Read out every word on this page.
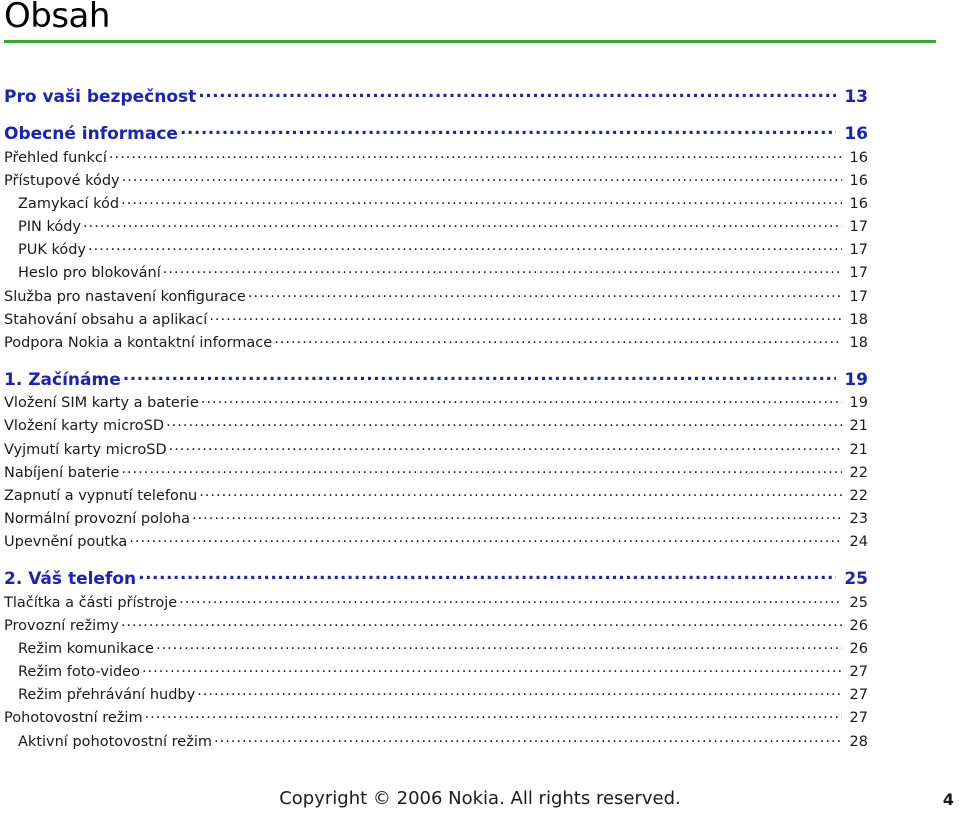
Obsah
Pro vaši bezpečnost .....	13
Obecné informace .....	16
Přehled funkcí .....	16
Přístupové kódy .....	16
Zamykací kód .....	16
PIN kódy .....	17
PUK kódy .....	17
Heslo pro blokování .....	17
Služba pro nastavení konfigurace .....	17
Stahování obsahu a aplikací .....	18
Podpora Nokia a kontaktní informace .....	18
1. Začínáme .....	19
Vložení SIM karty a baterie .....	19
Vložení karty microSD .....	21
Vyjmutí karty microSD .....	21
Nabíjení baterie .....	22
Zapnutí a vypnutí telefonu .....	22
Normální provozní poloha .....	23
Upevnění poutka .....	24
2. Váš telefon .....	25
Tlačítka a části přístroje .....	25
Provozní režimy .....	26
Režim komunikace .....	26
Režim foto-video .....	27
Režim přehrávání hudby .....	27
Pohotovostní režim .....	27
Aktivní pohotovostní režim .....	28
Copyright © 2006 Nokia. All rights reserved.	4
